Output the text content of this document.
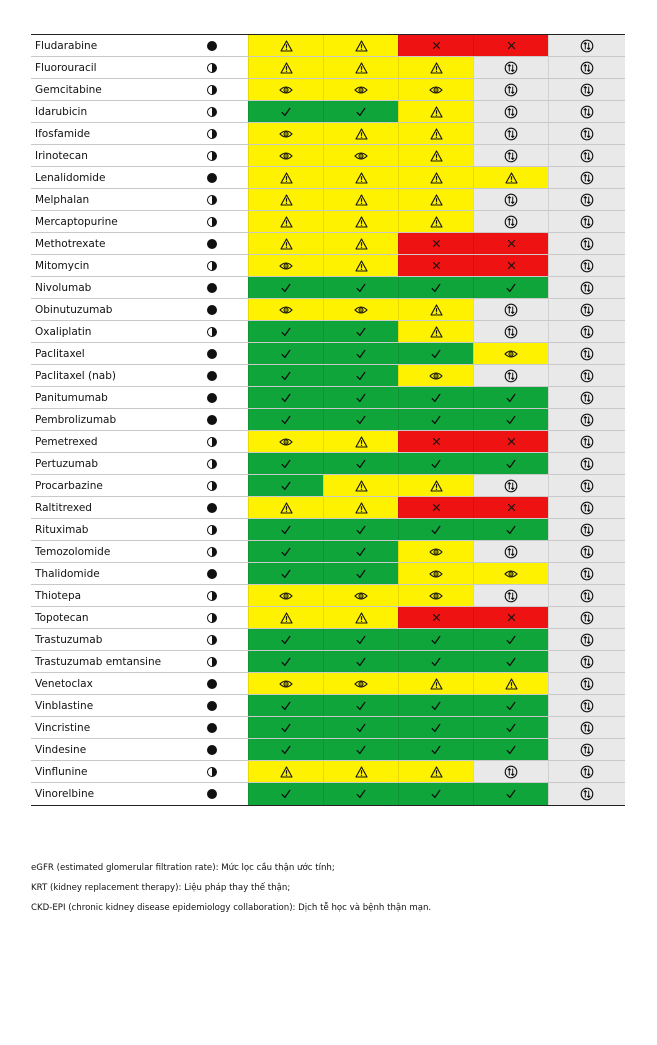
Fludarabine
Fluorouracil
Gemcitabine
Idarubicin
Ifosfamide
Irinotecan
Lenalidomide
Melphalan
Mercaptopurine
Methotrexate
Mitomycin
Nivolumab
Obinutuzumab
Oxaliplatin
Paclitaxel
Paclitaxel (nab)
Panitumumab
Pembrolizumab
Pemetrexed
Pertuzumab
Procarbazine
Raltitrexed
Rituximab
Temozolomide
Thalidomide
Thiotepa
Topotecan
Trastuzumab
Trastuzumab emtansine
Venetoclax
Vinblastine
Vincristine
Vindesine
Vinflunine
Vinorelbine
eGFR (estimated glomerular filtration rate): Mức lọc cầu thận ước tính;
KRT (kidney replacement therapy): Liệu pháp thay thế thận;
CKD-EPI (chronic kidney disease epidemiology collaboration): Dịch tễ học và bệnh thận mạn.
